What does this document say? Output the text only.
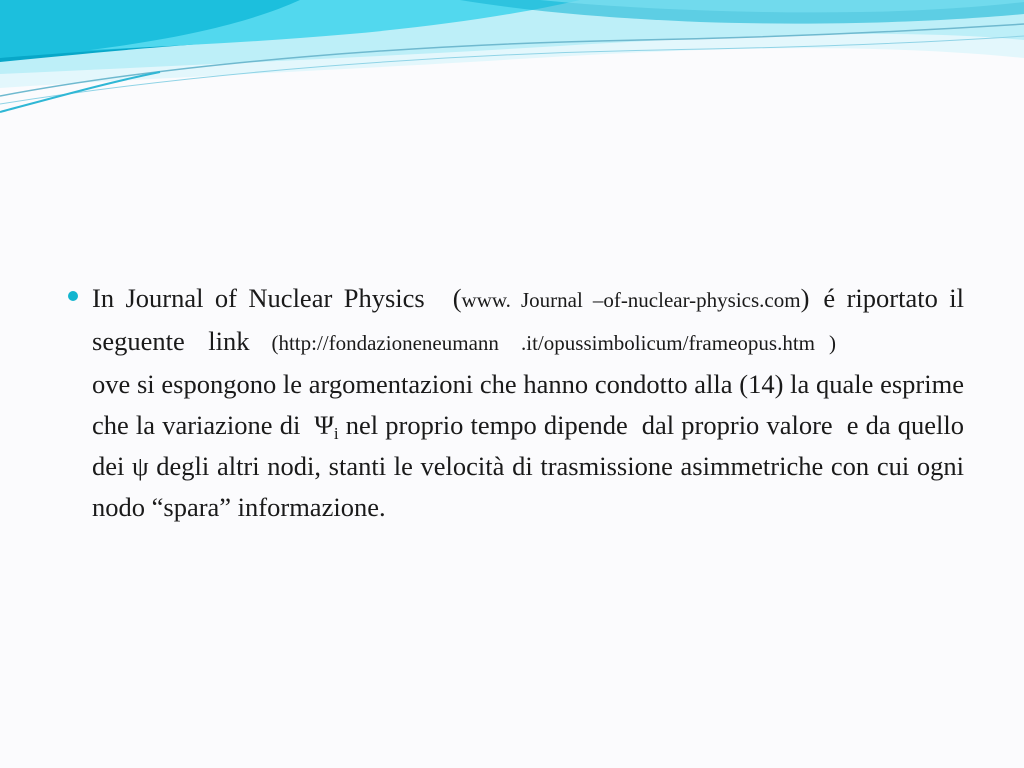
In Journal of Nuclear Physics (www. Journal –of-nuclear-physics.com) é riportato il seguente link (http://fondazioneneumann .it/opussimbolicum/frameopus.htm )ove si espongono le argomentazioni che hanno condotto alla (14) la quale esprime che la variazione di $\Psi_i$ nel proprio tempo dipende dal proprio valore e da quello dei ψ degli altri nodi, stanti le velocità di trasmissione asimmetriche con cui ogni nodo “spara” informazione.
